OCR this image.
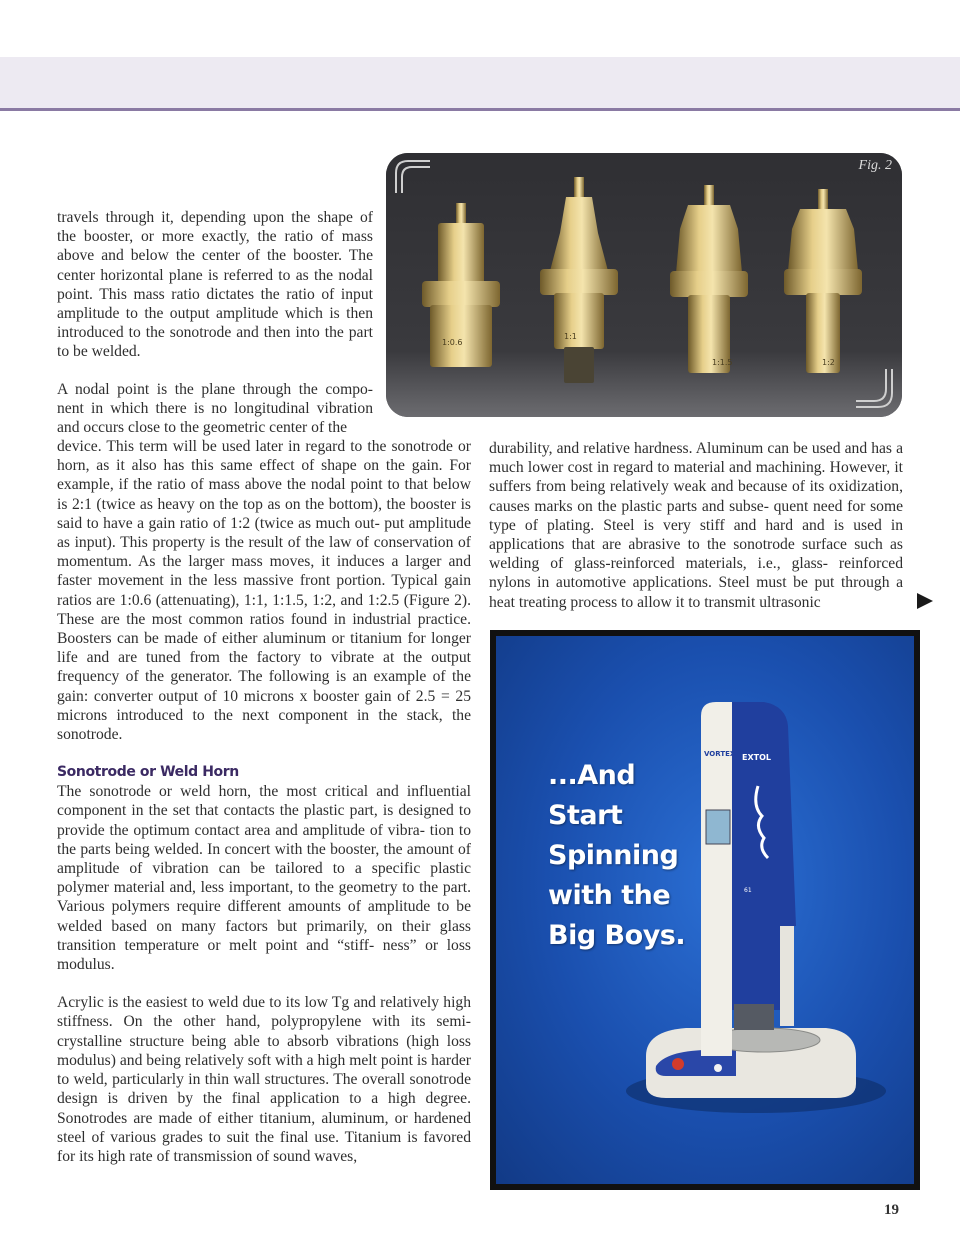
1:0.6
1:1
1:1.5	1:2
Fig. 2

travels through it, depending upon the shape of the booster, or more exactly, the ratio of mass above and below the center of the booster. The center horizontal plane is referred to as the nodal point. This mass ratio dictates the ratio of input amplitude to the output amplitude which is then introduced to the sonotrode and then into the part to be welded.

A nodal point is the plane through the compo- nent in which there is no longitudinal vibration and occurs close to the geometric center of the

device. This term will be used later in regard to the sonotrode or horn, as it also has this same effect of shape on the gain. For example, if the ratio of mass above the nodal point to that below is 2:1 (twice as heavy on the top as on the bottom), the booster is said to have a gain ratio of 1:2 (twice as much out- put amplitude as input). This property is the result of the law of conservation of momentum. As the larger mass moves, it induces a larger and faster movement in the less massive front portion. Typical gain ratios are 1:0.6 (attenuating), 1:1, 1:1.5, 1:2, and 1:2.5 (Figure 2). These are the most common ratios found in industrial practice. Boosters can be made of either aluminum or titanium for longer life and are tuned from the factory to vibrate at the output frequency of the generator. The following is an example of the gain: converter output of 10 microns x booster gain of 2.5 = 25 microns introduced to the next component in the stack, the sonotrode.

Sonotrode or Weld Horn

The sonotrode or weld horn, the most critical and influential component in the set that contacts the plastic part, is designed to provide the optimum contact area and amplitude of vibra- tion to the parts being welded. In concert with the booster, the amount of amplitude of vibration can be tailored to a specific plastic polymer material and, less important, to the geometry to the part. Various polymers require different amounts of amplitude to be welded based on many factors but primarily, on their glass transition temperature or melt point and “stiff- ness” or loss modulus.

Acrylic is the easiest to weld due to its low Tg and relatively high stiffness. On the other hand, polypropylene with its semi- crystalline structure being able to absorb vibrations (high loss modulus) and being relatively soft with a high melt point is harder to weld, particularly in thin wall structures. The overall sonotrode design is driven by the final application to a high degree. Sonotrodes are made of either titanium, aluminum, or hardened steel of various grades to suit the final use. Titanium is favored for its high rate of transmission of sound waves,

durability, and relative hardness. Aluminum can be used and has a much lower cost in regard to material and machining. However, it suffers from being relatively weak and because of its oxidization, causes marks on the plastic parts and subse- quent need for some type of plating. Steel is very stiff and hard and is used in applications that are abrasive to the sonotrode surface such as welding of glass-reinforced materials, i.e., glass- reinforced nylons in automotive applications. Steel must be put through a heat treating process to allow it to transmit ultrasonic

...And
Start
Spinning
with the
Big Boys.
VORTEX EXTOL
61
19
